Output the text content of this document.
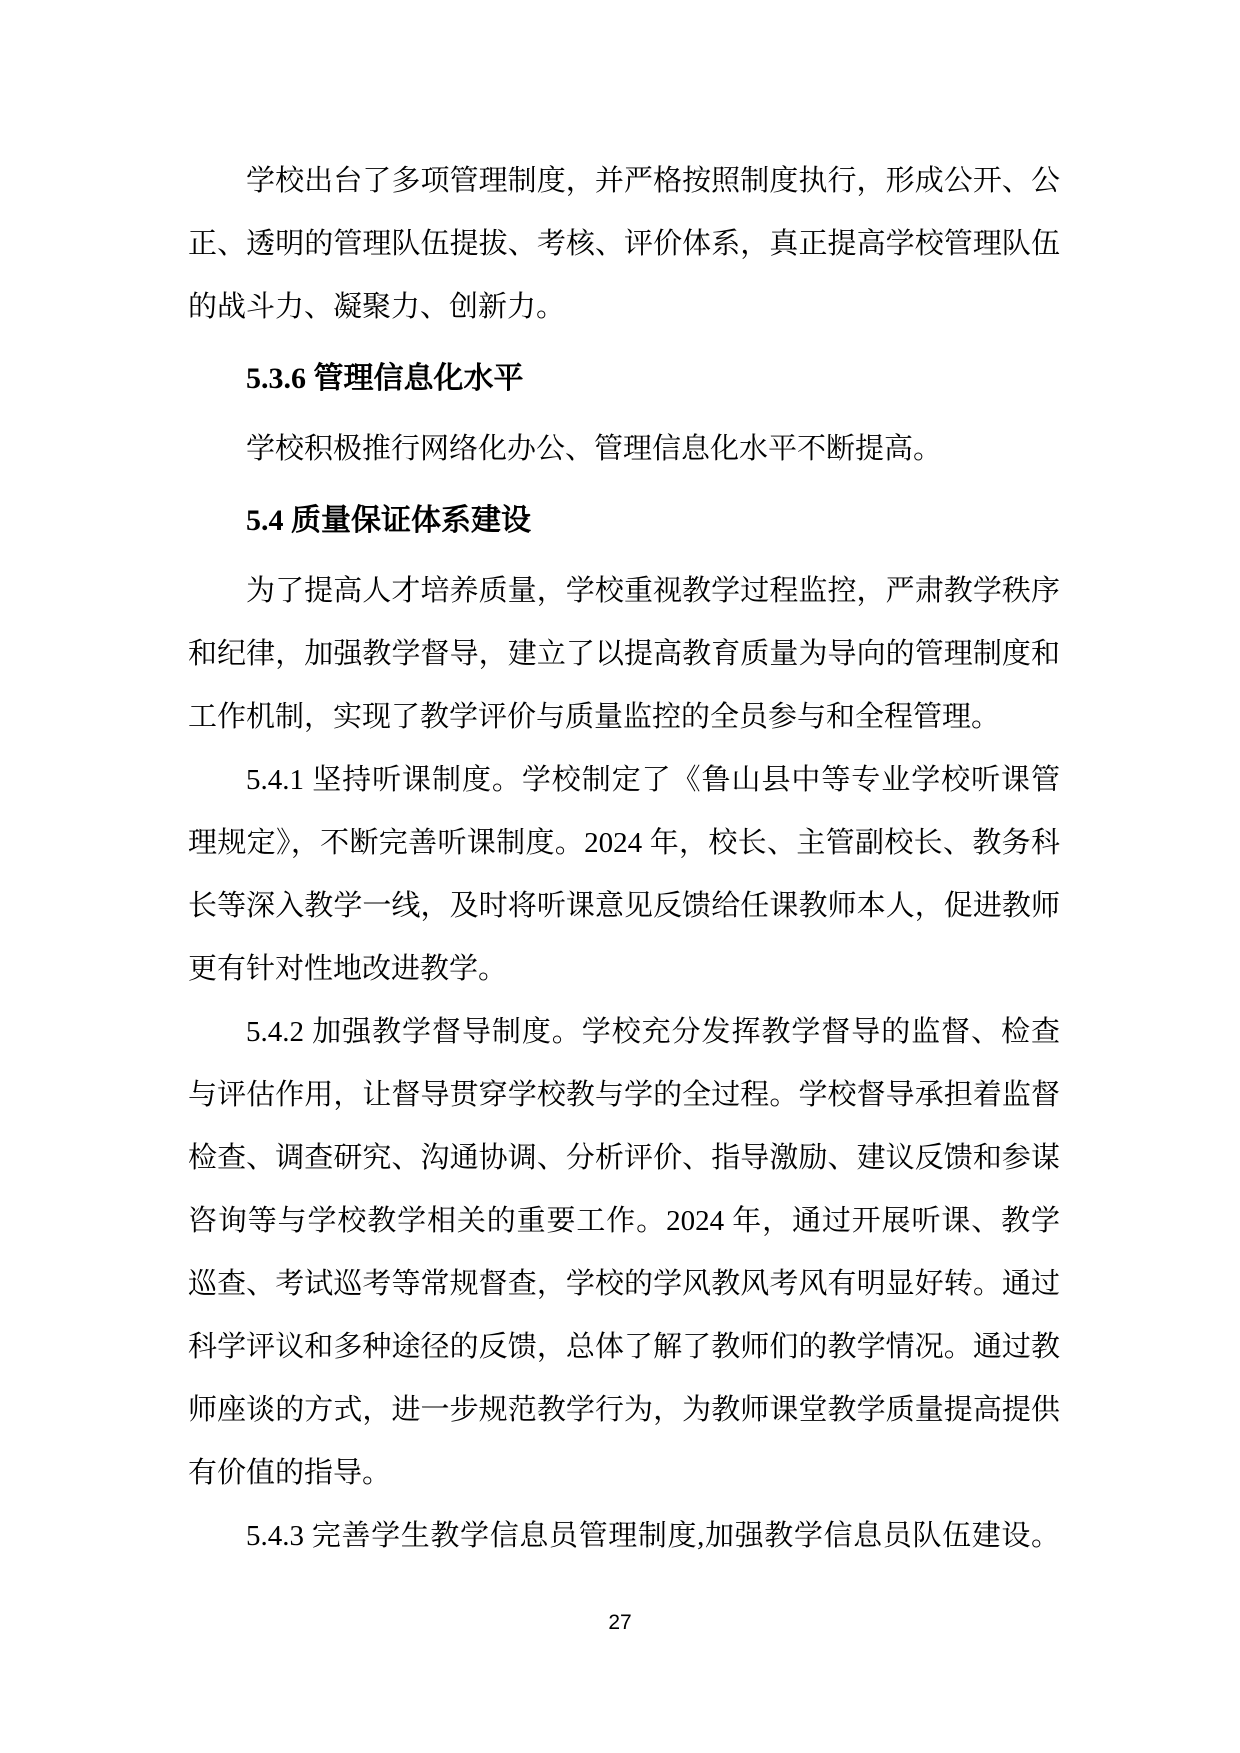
学校出台了多项管理制度，并严格按照制度执行，形成公开、公
正、透明的管理队伍提拔、考核、评价体系，真正提高学校管理队伍
的战斗力、凝聚力、创新力。
5.3.6 管理信息化水平
学校积极推行网络化办公、管理信息化水平不断提高。
5.4 质量保证体系建设
为了提高人才培养质量，学校重视教学过程监控，严肃教学秩序
和纪律，加强教学督导，建立了以提高教育质量为导向的管理制度和
工作机制，实现了教学评价与质量监控的全员参与和全程管理。
5.4.1 坚持听课制度。学校制定了《鲁山县中等专业学校听课管
理规定》，不断完善听课制度。2024 年，校长、主管副校长、教务科
长等深入教学一线，及时将听课意见反馈给任课教师本人，促进教师
更有针对性地改进教学。
5.4.2 加强教学督导制度。学校充分发挥教学督导的监督、检查
与评估作用，让督导贯穿学校教与学的全过程。学校督导承担着监督
检查、调查研究、沟通协调、分析评价、指导激励、建议反馈和参谋
咨询等与学校教学相关的重要工作。2024 年，通过开展听课、教学
巡查、考试巡考等常规督查，学校的学风教风考风有明显好转。通过
科学评议和多种途径的反馈，总体了解了教师们的教学情况。通过教
师座谈的方式，进一步规范教学行为，为教师课堂教学质量提高提供
有价值的指导。
5.4.3 完善学生教学信息员管理制度,加强教学信息员队伍建设。
27
